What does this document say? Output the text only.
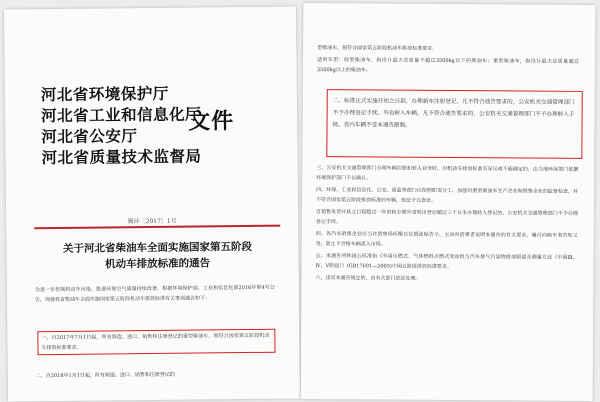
河北省环境保护厅
河北省工业和信息化厅
河北省公安厅
河北省质量技术监督局
文件
冀环〔2017〕1号
关于河北省柴油车全面实施国家第五阶段
机动车排放标准的通告

为进一步控制机动车污染，推进环境空气质量持续改善，根据环境保护部、工业和信息化部2016年第4号公告，现就我省柴油车全面实施国家第五阶段机动车排放标准有关事项通告如下：

一、自2017年7月1日起，所有制造、进口、销售和注册登记的重型柴油车，须符合国家第五阶段机动车排放标准要求。

二、自2018年1月1日起，所有制造、进口、销售和注册登记的

型柴油车，须符合国家第五阶段机动车排放标准要求。

适用车型：轻型柴油车，指设计最大总质量不超过3500kg以下的柴油车；重型柴油车，指设计最大总质量超过3500kg以上的柴油车。

二、标准正式实施开始之日起，办理新车注册登记，凡不符合通告要求的，公安机关交通管理部门不予办理登记手续。外省转入车辆，凡不符合通告要求的，公安机关交通管理部门不予办理转入手续。省内车辆不受本通告限制。

三、公安机关交通管理部门办理车辆注册和转入业务时，对机动车排放标准有异议或不能确定的，由当地环保部门依据环境保护部门予以确认。

四、环保、工业和信息化、公安、质监等部门应按照职责分工，加强对重型柴油车生产企业和销售企业的监督检查，对不符合国家第五阶段排放标准的车辆，依法予以查处。

自销售发票开具之日起超过一年的和办理外省转出登记超过三十日未办理转入登记的，公安机关交通管理部门不予办理登记手续。

四、各汽车销售企业应当在销售场所醒目位置张贴告示，主动向消费者说明本通告的有关要求，履行向购车者告知义务，防止不合格车辆流入市场。

五、本通告所称国五标准指《车用压燃式、气体燃料点燃式发动机与汽车排气污染物排放限值及测量方法（中国Ⅲ、Ⅳ、Ⅴ阶段）》(GB17691—2005)中国五阶段排放标准要求。

六、违反本通告规定的，由有关部门依法处理。
